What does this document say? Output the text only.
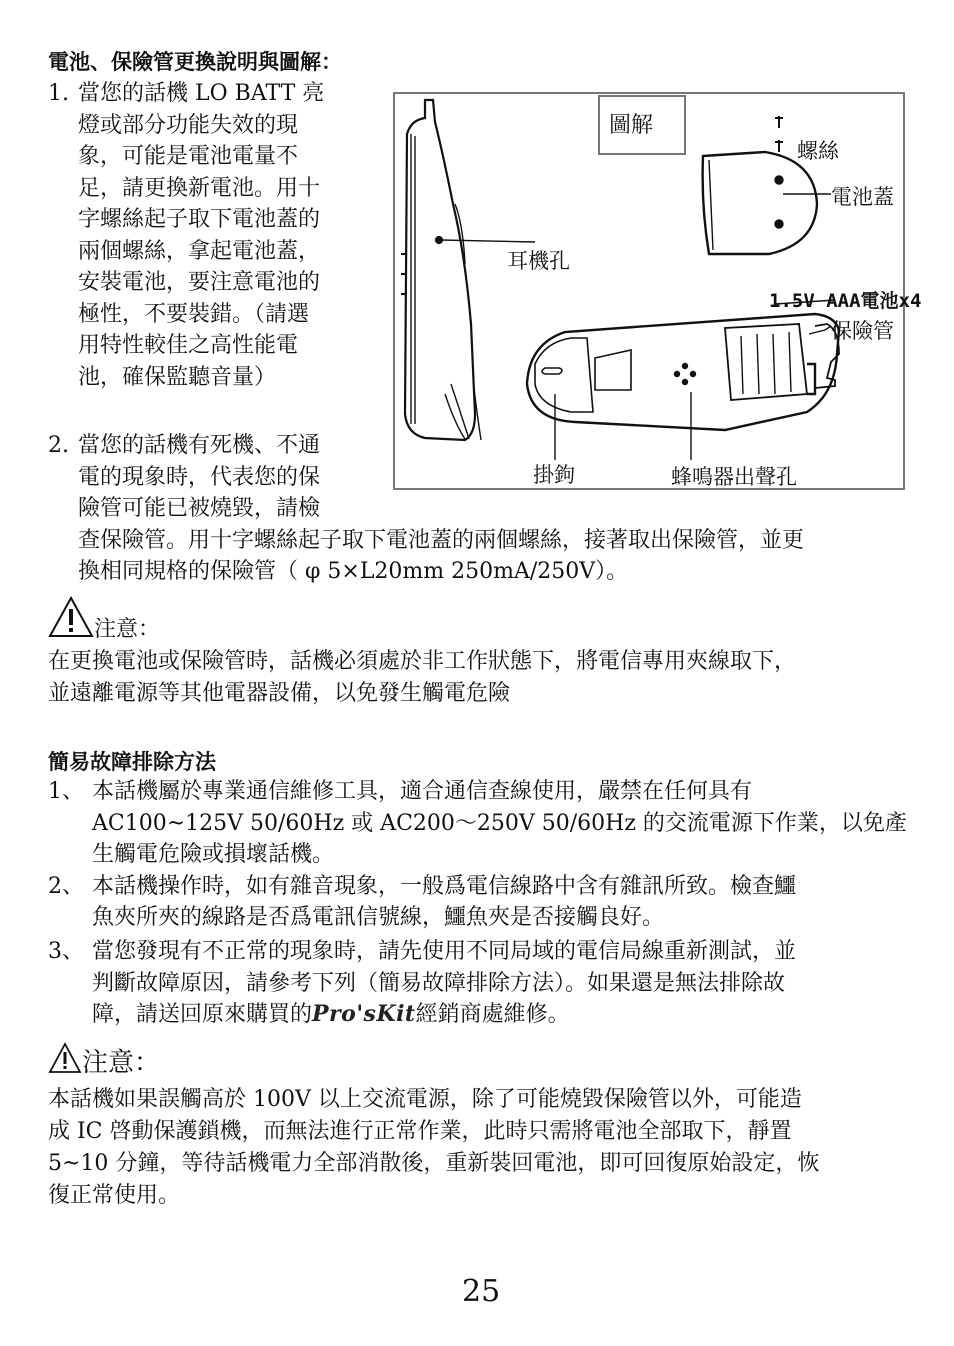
電池、保險管更換說明與圖解：
1. 當您的話機 LO BATT 亮
燈或部分功能失效的現
象，可能是電池電量不
足，請更換新電池。用十
字螺絲起子取下電池蓋的
兩個螺絲，拿起電池蓋，
安裝電池，要注意電池的
極性，不要裝錯。（請選
用特性較佳之高性能電
池，確保監聽音量）
2. 當您的話機有死機、不通
電的現象時，代表您的保
險管可能已被燒毀，請檢
查保險管。用十字螺絲起子取下電池蓋的兩個螺絲，接著取出保險管，並更
換相同規格的保險管（ φ 5×L20mm 250mA/250V）。
圖解
螺絲
電池蓋
耳機孔
1.5V AAA電池x4
保險管
掛鉤	蜂鳴器出聲孔
注意：
在更換電池或保險管時，話機必須處於非工作狀態下，將電信專用夾線取下，
並遠離電源等其他電器設備，以免發生觸電危險
簡易故障排除方法
1、 本話機屬於專業通信維修工具，適合通信查線使用，嚴禁在任何具有
AC100~125V 50/60Hz 或 AC200～250V 50/60Hz 的交流電源下作業，以免產
生觸電危險或損壞話機。
2、 本話機操作時，如有雜音現象，一般爲電信線路中含有雜訊所致。檢查鱷
魚夾所夾的線路是否爲電訊信號線，鱷魚夾是否接觸良好。
3、 當您發現有不正常的現象時，請先使用不同局域的電信局線重新測試，並
判斷故障原因，請參考下列（簡易故障排除方法）。如果還是無法排除故
障，請送回原來購買的Pro'sKit經銷商處維修。
注意：
本話機如果誤觸高於 100V 以上交流電源，除了可能燒毀保險管以外，可能造
成 IC 啓動保護鎖機，而無法進行正常作業，此時只需將電池全部取下，靜置
5~10 分鐘，等待話機電力全部消散後，重新裝回電池，即可回復原始設定，恢
復正常使用。
25
